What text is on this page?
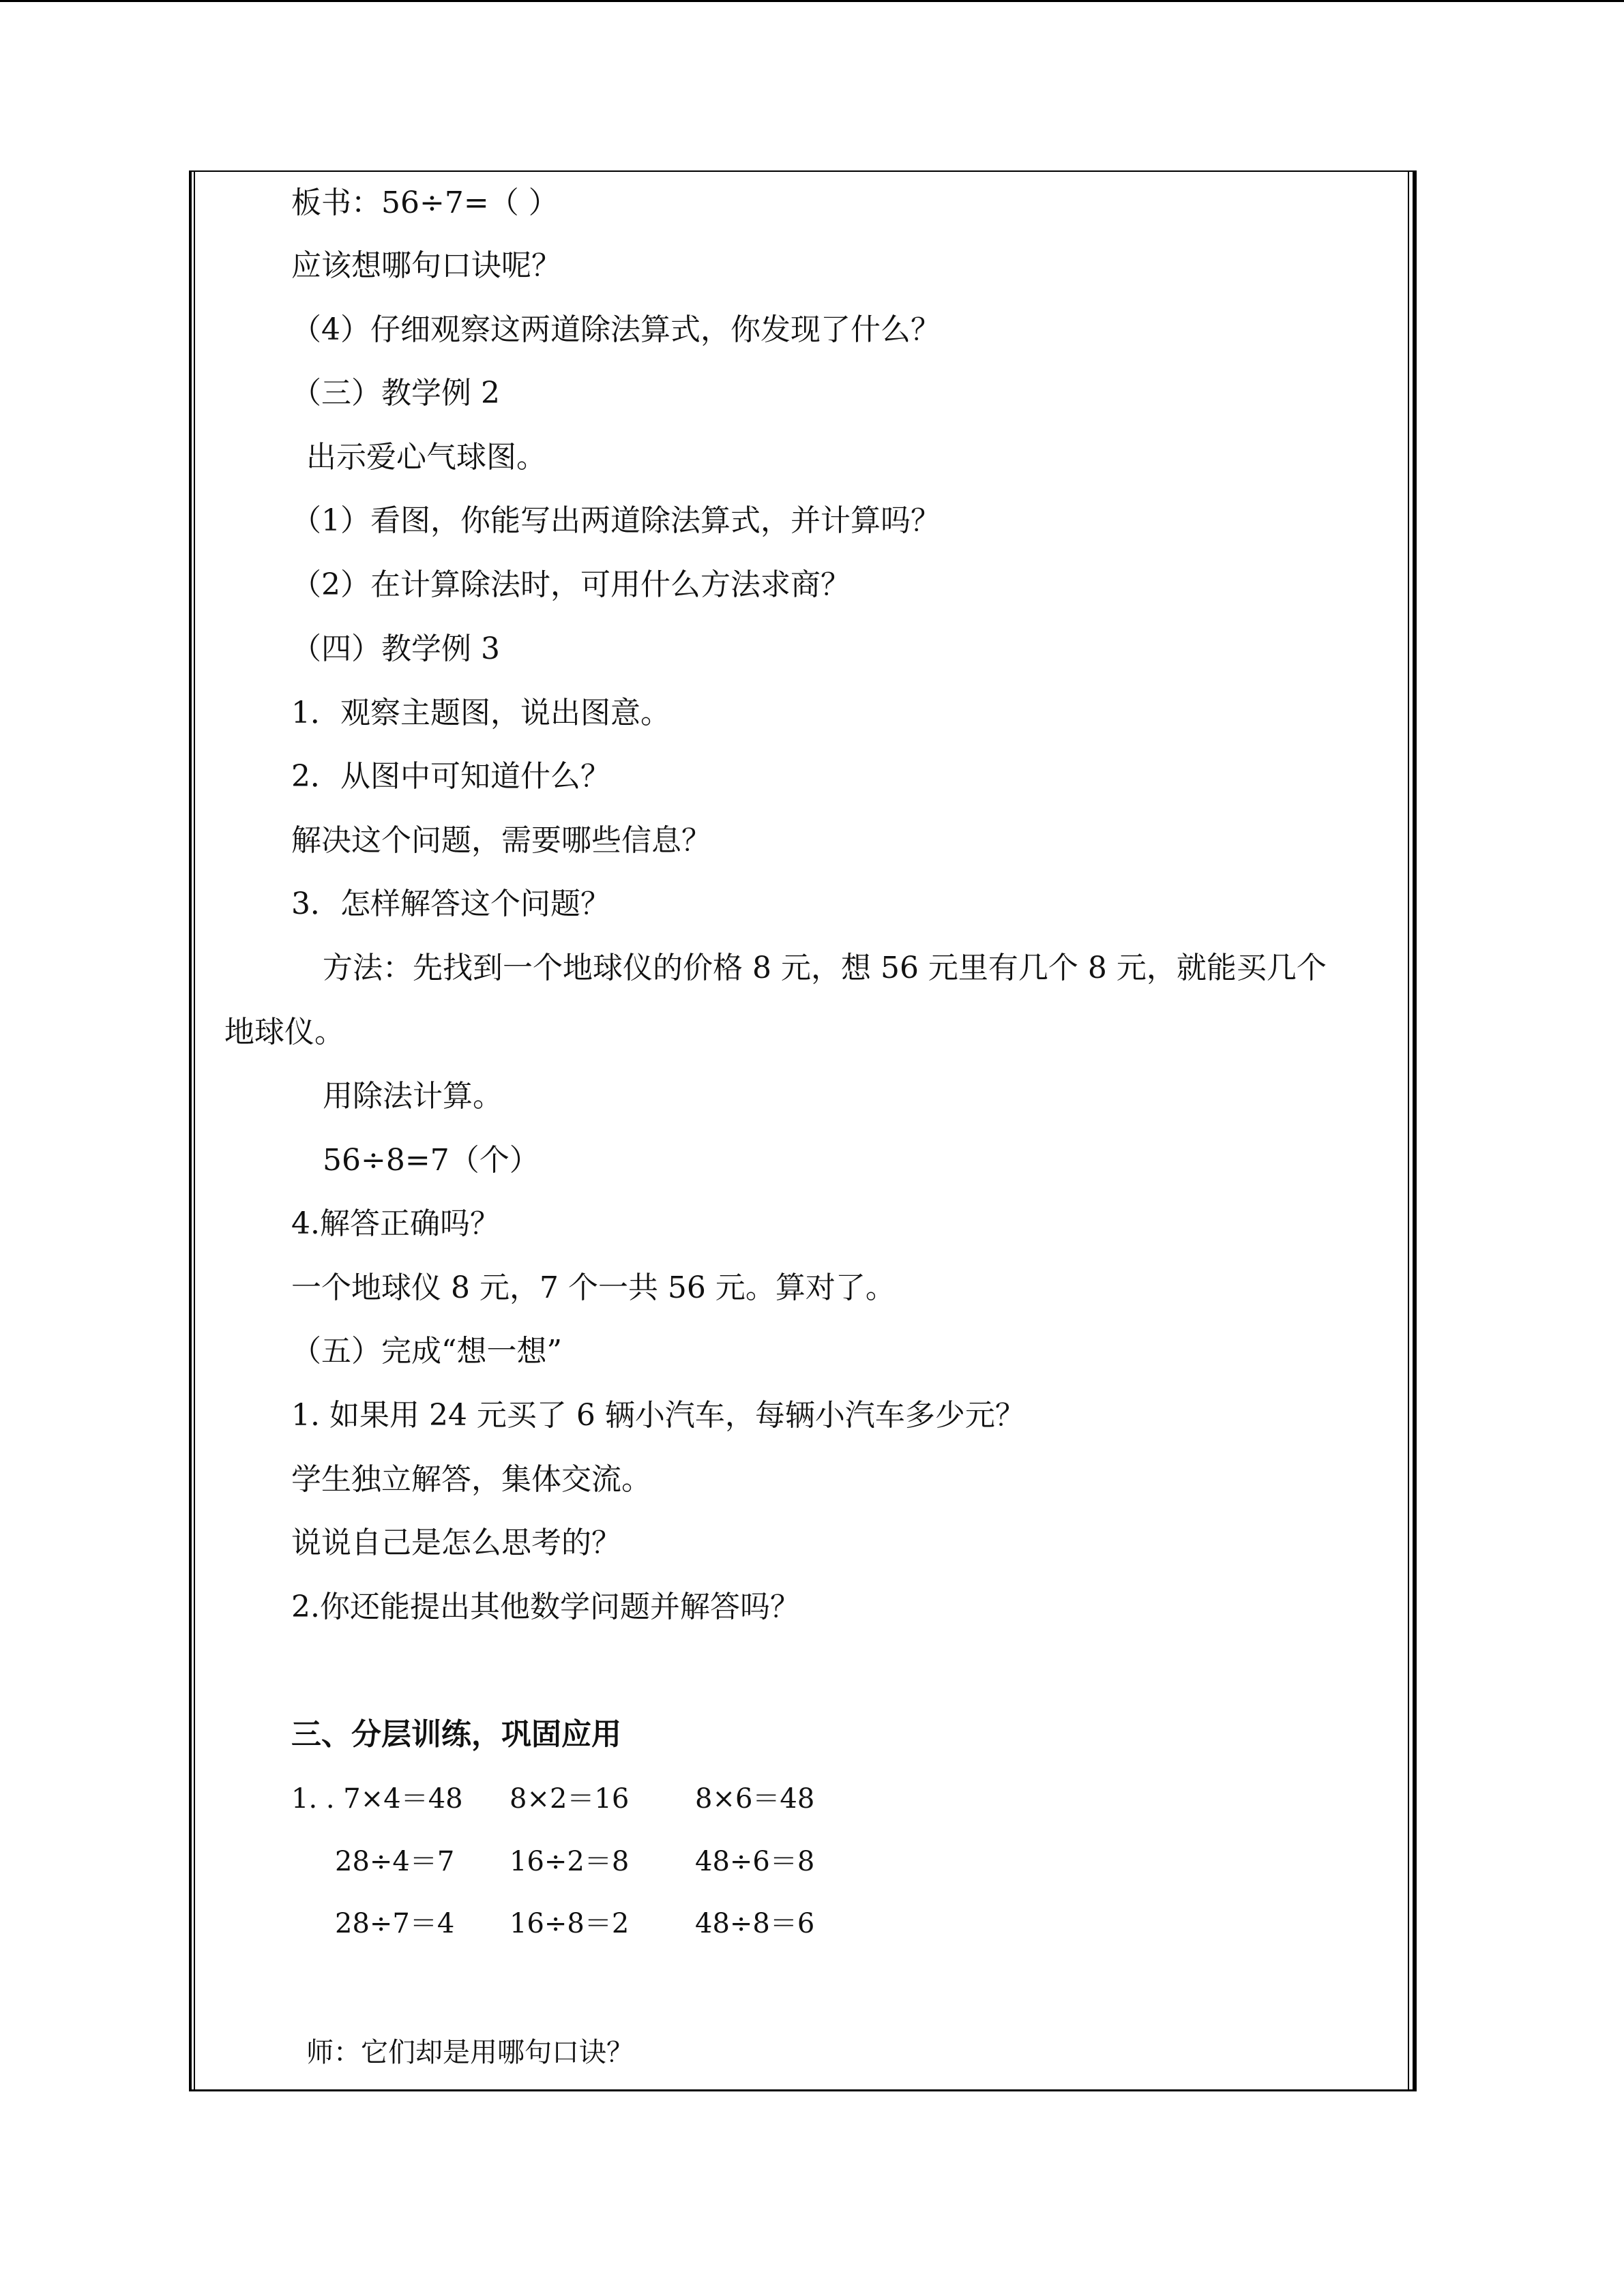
板书：56÷7=（ ）
应该想哪句口诀呢？
（4）仔细观察这两道除法算式，你发现了什么？
（三）教学例 2
出示爱心气球图。
（1）看图，你能写出两道除法算式，并计算吗？
（2）在计算除法时，可用什么方法求商？
（四）教学例 3
1．观察主题图，说出图意。
2．从图中可知道什么？
解决这个问题，需要哪些信息？
3．怎样解答这个问题？
方法：先找到一个地球仪的价格 8 元，想 56 元里有几个 8 元，就能买几个
地球仪。
用除法计算。
56÷8=7（个）
4.解答正确吗？
一个地球仪 8 元，7 个一共 56 元。算对了。
（五）完成“想一想”
1. 如果用 24 元买了 6 辆小汽车，每辆小汽车多少元？
学生独立解答，集体交流。
说说自己是怎么思考的？
2.你还能提出其他数学问题并解答吗？
三、分层训练，巩固应用
1. . 7×4＝48 8×2＝16 8×6＝48
28÷4＝7 16÷2＝8 48÷6＝8
28÷7＝4 16÷8＝2 48÷8＝6
师：它们却是用哪句口诀？
